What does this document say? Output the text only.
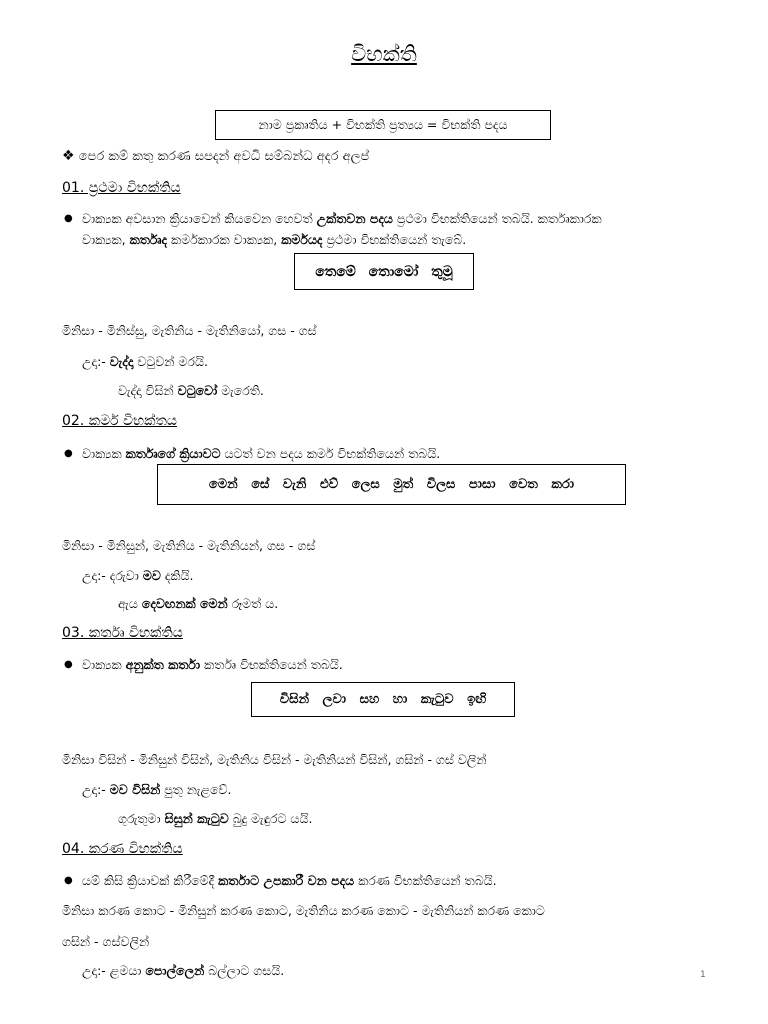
විභක්ති
නාම ප්‍රකෘතිය + විභක්ති ප්‍රත්‍යය = විභක්ති පදය
❖ පෙර කම් කතු කරණ සපදන් අවධි සම්බන්ධ අදර අලප්
01. ප්‍රථමා විභක්තිය
● වාක්‍යක අවසාන ක්‍රියාවෙන් කියවෙන හෙවත් උක්තවන පදය ප්‍රථමා විභක්තියෙන් තබයි. කර්තෘකාරක
වාක්‍යක, කර්තෘද කර්මකාරක වාක්‍යක, කර්මයද ප්‍රථමා විභක්තියෙන් තැබේ.
තෙමේ තොමෝ තුමූ
මිනිසා - මිනිස්සු, මැතිනිය - මැතිනියෝ, ගස - ගස්
උදා:- වැද්දා වටුවන් මරයි.
වැද්දා විසින් වටුවෝ මැරෙති.
02. කර්ම විභක්තය
● වාක්‍යක කර්තෘගේ ක්‍රියාවට යටත් වන පදය කර්ම විභක්තියෙන් තබයි.
මෙන් සේ වැනි එව් ලෙස මුත් විලස පාසා වෙත කරා
මිනිසා - මිනිසුන්, මැතිනිය - මැතිනියන්, ගස - ගස්
උදා:- දරුවා මව දකියි.
ඇය දෙවඟනක් මෙන් රූමත් ය.
03. කර්තෘ විභක්තිය
● වාක්‍යක අනුක්ත කර්තා කර්තෘ විභක්තියෙන් තබයි.
විසින් ලවා සහ හා කැටුව ඉඟි
මිනිසා විසින් - මිනිසුන් විසින්, මැතිනිය විසින් - මැතිනියන් විසින්, ගසින් - ගස් වලින්
උදා:- මව විසින් පුතු නැළවේ.
ගුරුතුමා සිසුන් කැටුව බුදු මැඳුරට යයි.
04. කරණ විභක්තිය
● යම් කිසි ක්‍රියාවක් කිරීමේදී කර්තාට උපකාරී වන පදය කරණ විභක්තියෙන් තබයි.
මිනිසා කරණ කොට - මිනිසුන් කරණ කොට, මැතිනිය කරණ කොට - මැතිනියන් කරණ කොට
ගසින් - ගස්වලින්
උදා:- ළමයා පොල්ලෙන් බල්ලාට ගසයි.	1
